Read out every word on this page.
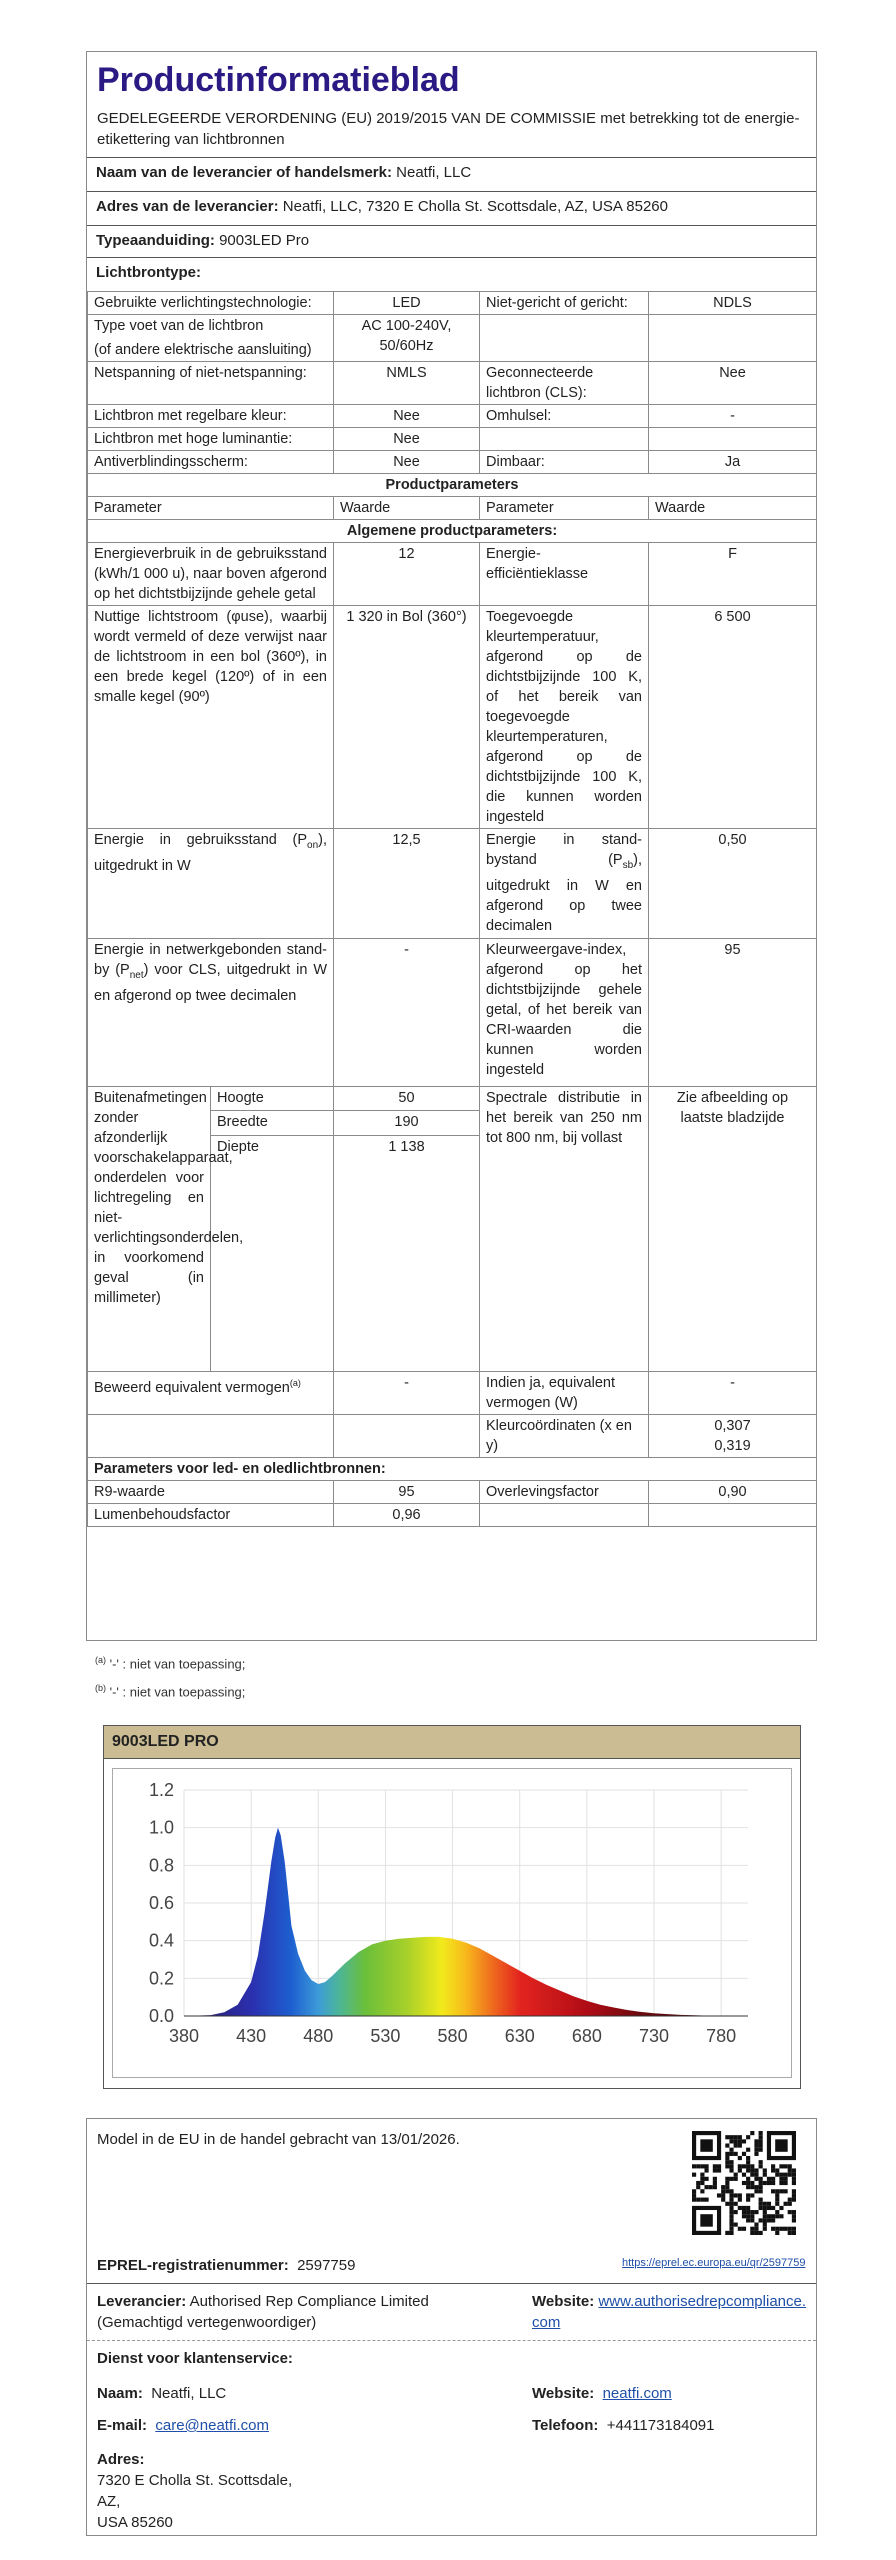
Productinformatieblad
GEDELEGEERDE VERORDENING (EU) 2019/2015 VAN DE COMMISSIE met betrekking tot de energie-etikettering van lichtbronnen
Naam van de leverancier of handelsmerk: Neatfi, LLC
Adres van de leverancier: Neatfi, LLC, 7320 E Cholla St. Scottsdale, AZ, USA 85260
Typeaanduiding: 9003LED Pro
Lichtbrontype:
Gebruikte verlichtingstechnologie:		LED	Niet-gericht of gericht:	NDLS

Type voet van de lichtbron
(of andere elektrische aansluiting)		AC 100-240V, 50/60Hz		
Netspanning of niet-netspanning:		NMLS	Geconnecteerde lichtbron (CLS):	Nee
Lichtbron met regelbare kleur:		Nee	Omhulsel:	-
Lichtbron met hoge luminantie:		Nee		
Antiverblindingsscherm:		Nee	Dimbaar:	Ja
Productparameters				
Parameter		Waarde	Parameter	Waarde
Algemene productparameters:				
Energieverbruik in de gebruiksstand (kWh/1 000 u), naar boven afgerond op het dichtstbijzijnde gehele getal		12	Energie-efficiëntieklasse	F
Nuttige lichtstroom (φuse), waarbij wordt vermeld of deze verwijst naar de lichtstroom in een bol (360º), in een brede kegel (120º) of in een smalle kegel (90º)		1 320 in Bol (360°)	Toegevoegde kleurtemperatuur, afgerond op de dichtstbijzijnde 100 K, of het bereik van toegevoegde kleurtemperaturen, afgerond op de dichtstbijzijnde 100 K, die kunnen worden ingesteld	6 500
Energie in gebruiksstand $(P_{on})$, uitgedrukt in W		12,5	Energie in stand-bystand $(P_{sb})$, uitgedrukt in W en afgerond op twee decimalen	0,50
Energie in netwerkgebonden stand-by $(P_{net})$ voor CLS, uitgedrukt in W en afgerond op twee decimalen		-	Kleurweergave-index, afgerond op het dichtstbijzijnde gehele getal, of het bereik van CRI-waarden die kunnen worden ingesteld	95
Buitenafmetingen zonder afzonderlijk voorschakelapparaat, onderdelen voor lichtregeling en niet-verlichtingsonderdelen, in voorkomend geval (in millimeter)	Hoogte	50	Spectrale distributie in het bereik van 250 nm tot 800 nm, bij vollast	Zie afbeelding op laatste bladzijde
	Breedte	190		
	Diepte	1 138		

Beweerd equivalent vermogen$^{(a)}$		-	Indien ja, equivalent vermogen (W)	-
			Kleurcoördinaten (x en y)	0,307
0,319

Parameters voor led- en oledlichtbronnen:				
R9-waarde		95	Overlevingsfactor	0,90
Lumenbehoudsfactor		0,96		
$^{(a)}$ '-' : niet van toepassing;
$^{(b)}$ '-' : niet van toepassing;
9003LED PRO
0.0
0.2
0.4
0.6
0.8
1.0
1.2
380 430 480 530 580 630 680 730 780
Model in de EU in de handel gebracht van 13/01/2026.
EPREL-registratienummer: 2597759	https://eprel.ec.europa.eu/qr/2597759
Leverancier: Authorised Rep Compliance Limited (Gemachtigd vertegenwoordiger)
Website: www.authorisedrepcompliance.com
Dienst voor klantenservice:
Naam: Neatfi, LLC	Website: neatfi.com
E-mail: care@neatfi.com	Telefoon: +441173184091
Adres:
7320 E Cholla St. Scottsdale,
AZ,
USA 85260
